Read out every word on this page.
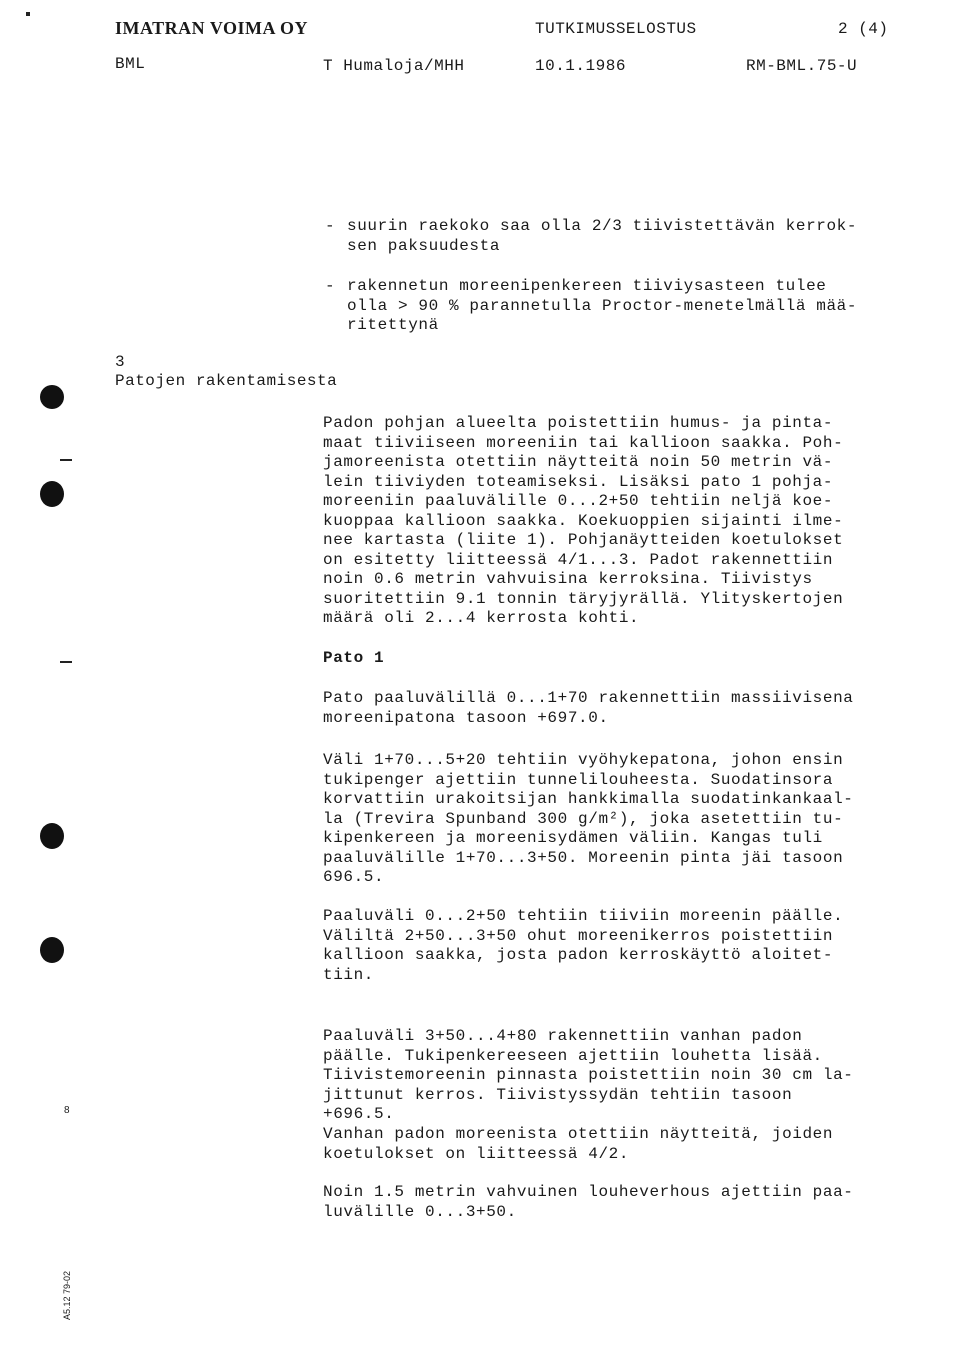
IMATRAN VOIMA OY	TUTKIMUSSELOSTUS	2 (4)
BML	T Humaloja/MHH	10.1.1986	RM-BML.75-U
- suurin raekoko saa olla 2/3 tiivistettävän kerrok-
sen paksuudesta
- rakennetun moreenipenkereen tiiviysasteen tulee
olla > 90 % parannetulla Proctor-menetelmällä mää-
ritettynä
3
Patojen rakentamisesta
Padon pohjan alueelta poistettiin humus- ja pinta-
maat tiiviiseen moreeniin tai kallioon saakka. Poh-
jamoreenista otettiin näytteitä noin 50 metrin vä-
lein tiiviyden toteamiseksi. Lisäksi pato 1 pohja-
moreeniin paaluvälille 0...2+50 tehtiin neljä koe-
kuoppaa kallioon saakka. Koekuoppien sijainti ilme-
nee kartasta (liite 1). Pohjanäytteiden koetulokset
on esitetty liitteessä 4/1...3. Padot rakennettiin
noin 0.6 metrin vahvuisina kerroksina. Tiivistys
suoritettiin 9.1 tonnin täryjyrällä. Ylityskertojen
määrä oli 2...4 kerrosta kohti.
Pato 1
Pato paaluvälillä 0...1+70 rakennettiin massiivisena
moreenipatona tasoon +697.0.
Väli 1+70...5+20 tehtiin vyöhykepatona, johon ensin
tukipenger ajettiin tunnelilouheesta. Suodatinsora
korvattiin urakoitsijan hankkimalla suodatinkankaal-
la (Trevira Spunband 300 g/m²), joka asetettiin tu-
kipenkereen ja moreenisydämen väliin. Kangas tuli
paaluvälille 1+70...3+50. Moreenin pinta jäi tasoon
696.5.
Paaluväli 0...2+50 tehtiin tiiviin moreenin päälle.
Väliltä 2+50...3+50 ohut moreenikerros poistettiin
kallioon saakka, josta padon kerroskäyttö aloitet-
tiin.
Paaluväli 3+50...4+80 rakennettiin vanhan padon
päälle. Tukipenkereeseen ajettiin louhetta lisää.
Tiivistemoreenin pinnasta poistettiin noin 30 cm la-
jittunut kerros. Tiivistyssydän tehtiin tasoon
+696.5.
Vanhan padon moreenista otettiin näytteitä, joiden
koetulokset on liitteessä 4/2.
Noin 1.5 metrin vahvuinen louheverhous ajettiin paa-
luvälille 0...3+50.
8
A5.12 79-02
